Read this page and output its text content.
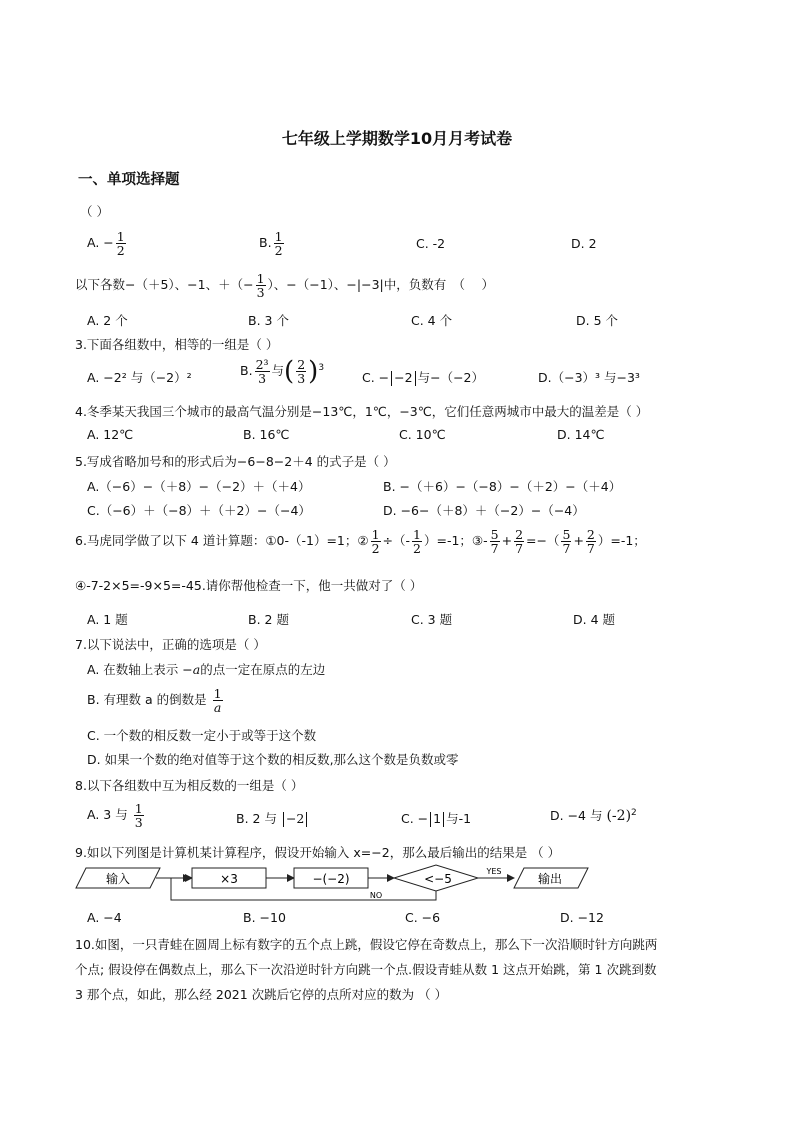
七年级上学期数学10月月考试卷
一、单项选择题
（ ）
A. − $\frac{1}{2}$	B. $\frac{1}{2}$	C. -2	D. 2
以下各数−（＋5）、−1、＋（− $\frac{1}{3}$ ）、−（−1）、−|−3|中，负数有　（　 ）
A. 2 个	B. 3 个	C. 4 个	D. 5 个
3.下面各组数中，相等的一组是（ ）
A. −2² 与（−2）²	B. $\frac{\text{2³}}{3}$ 与( $\frac{2}{3} )^3$
C. − −2 与−（−2）	D.（−3）³ 与−3³
4.冬季某天我国三个城市的最高气温分别是−13℃，1℃，−3℃，它们任意两城市中最大的温差是（ ）
A. 12℃	B. 16℃	C. 10℃	D. 14℃
5.写成省略加号和的形式后为−6−8−2＋4 的式子是（ ）
A.（−6）−（＋8）−（−2）＋（＋4）	B. −（＋6）−（−8）−（＋2）−（＋4）
C.（−6）＋（−8）＋（＋2）−（−4）	D. −6−（＋8）＋（−2）−（−4）
6.马虎同学做了以下 4 道计算题：①0-（-1）=1；② $\frac{1}{2}$ ÷（- $\frac{1}{2} )=-1$；③- $\frac{5}{7} + \frac{2}{7}$ =−（ $\frac{5}{7} + \frac{2}{7} )=-1$；
④-7-2×5=-9×5=-45.请你帮他检查一下，他一共做对了（ ）
A. 1 题	B. 2 题	C. 3 题	D. 4 题
7.以下说法中，正确的选项是（ ）
A. 在数轴上表示 −a的点一定在原点的左边
B. 有理数 a 的倒数是 $\frac{1}{a}$
C. 一个数的相反数一定小于或等于这个数
D. 如果一个数的绝对值等于这个数的相反数,那么这个数是负数或零
8.以下各组数中互为相反数的一组是（ ）
A. 3 与 $\frac{1}{3}$	B. 2 与 −2	C. − 1 与-1	D. −4 与 $(-2)^2$
9.如以下列图是计算机某计算程序，假设开始输入 x=−2，那么最后输出的结果是 （ ）
输入	×3	−(−2)	<−5
YES
输出
NO
A. −4	B. −10	C. −6	D. −12
10.如图，一只青蛙在圆周上标有数字的五个点上跳，假设它停在奇数点上，那么下一次沿顺时针方向跳两
个点; 假设停在偶数点上，那么下一次沿逆时针方向跳一个点.假设青蛙从数 1 这点开始跳，第 1 次跳到数
3 那个点，如此，那么经 2021 次跳后它停的点所对应的数为 （ ）
